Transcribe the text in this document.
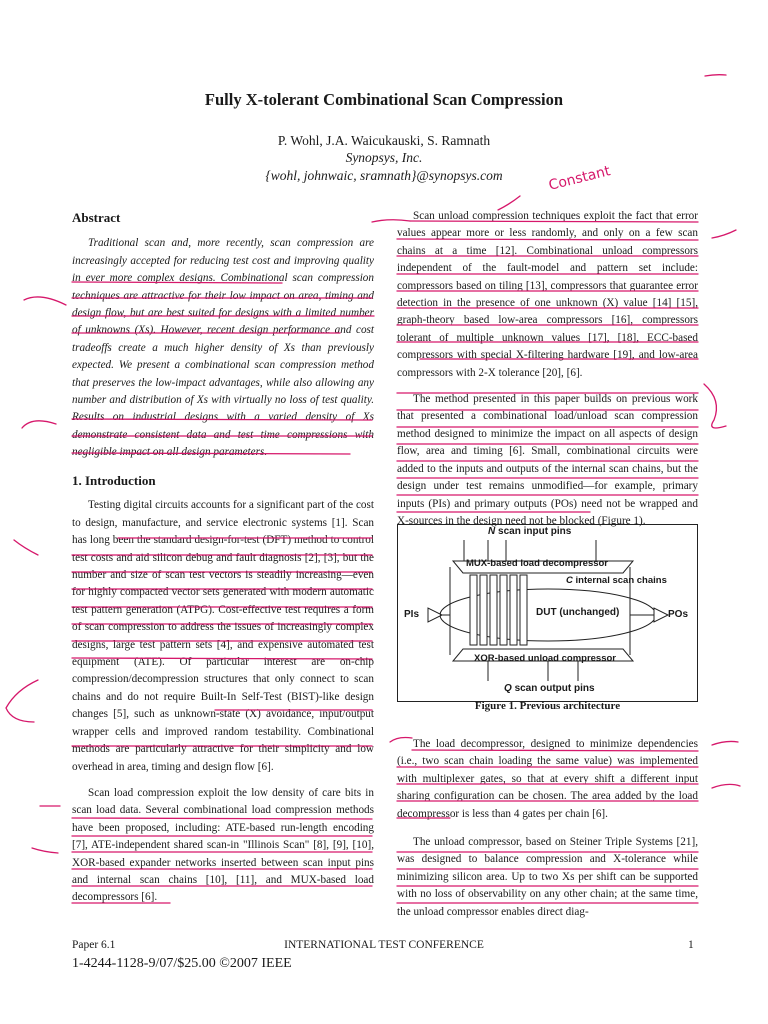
Fully X-tolerant Combinational Scan Compression
P. Wohl, J.A. Waicukauski, S. Ramnath
Synopsys, Inc.
{wohl, johnwaic, sramnath}@synopsys.com
Abstract

Traditional scan and, more recently, scan compression are increasingly accepted for reducing test cost and improving quality in ever more complex designs. Combinational scan compression techniques are attractive for their low impact on area, timing and design flow, but are best suited for designs with a limited number of unknowns (Xs). However, recent design performance and cost tradeoffs create a much higher density of Xs than previously expected. We present a combinational scan compression method that preserves the low-impact advantages, while also allowing any number and distribution of Xs with virtually no loss of test quality. Results on industrial designs with a varied density of Xs demonstrate consistent data and test time compressions with negligible impact on all design parameters.

1. Introduction

Testing digital circuits accounts for a significant part of the cost to design, manufacture, and service electronic systems [1]. Scan has long been the standard design-for-test (DFT) method to control test costs and aid silicon debug and fault diagnosis [2], [3], but the number and size of scan test vectors is steadily increasing—even for highly compacted vector sets generated with modern automatic test pattern generation (ATPG). Cost-effective test requires a form of scan compression to address the issues of increasingly complex designs, large test pattern sets [4], and expensive automated test equipment (ATE). Of particular interest are on-chip compression/decompression structures that only connect to scan chains and do not require Built-In Self-Test (BIST)-like design changes [5], such as unknown-state (X) avoidance, input/output wrapper cells and improved random testability. Combinational methods are particularly attractive for their simplicity and low overhead in area, timing and design flow [6].

Scan load compression exploit the low density of care bits in scan load data. Several combinational load compression methods have been proposed, including: ATE-based run-length encoding [7], ATE-independent shared scan-in "Illinois Scan" [8], [9], [10], XOR-based expander networks inserted between scan input pins and internal scan chains [10], [11], and MUX-based load decompressors [6].

Scan unload compression techniques exploit the fact that error values appear more or less randomly, and only on a few scan chains at a time [12]. Combinational unload compressors independent of the fault-model and pattern set include: compressors based on tiling [13], compressors that guarantee error detection in the presence of one unknown (X) value [14] [15], graph-theory based low-area compressors [16], compressors tolerant of multiple unknown values [17], [18], ECC-based compressors with special X-filtering hardware [19], and low-area compressors with 2-X tolerance [20], [6].

The method presented in this paper builds on previous work that presented a combinational load/unload scan compression method designed to minimize the impact on all aspects of design flow, area and timing [6]. Small, combinational circuits were added to the inputs and outputs of the internal scan chains, but the design under test remains unmodified—for example, primary inputs (PIs) and primary outputs (POs) need not be wrapped and X-sources in the design need not be blocked (Figure 1).

N scan input pins
MUX-based load decompressor
C internal scan chains
DUT (unchanged)
PIs	POs
XOR-based unload compressor
Q scan output pins
Figure 1. Previous architecture

The load decompressor, designed to minimize dependencies (i.e., two scan chain loading the same value) was implemented with multiplexer gates, so that at every shift a different input sharing configuration can be chosen. The area added by the load decompressor is less than 4 gates per chain [6].

The unload compressor, based on Steiner Triple Systems [21], was designed to balance compression and X-tolerance while minimizing silicon area. Up to two Xs per shift can be supported with no loss of observability on any other chain; at the same time, the unload compressor enables direct diag-

Paper 6.1	INTERNATIONAL TEST CONFERENCE	1
1-4244-1128-9/07/$25.00 ©2007 IEEE
Constant
